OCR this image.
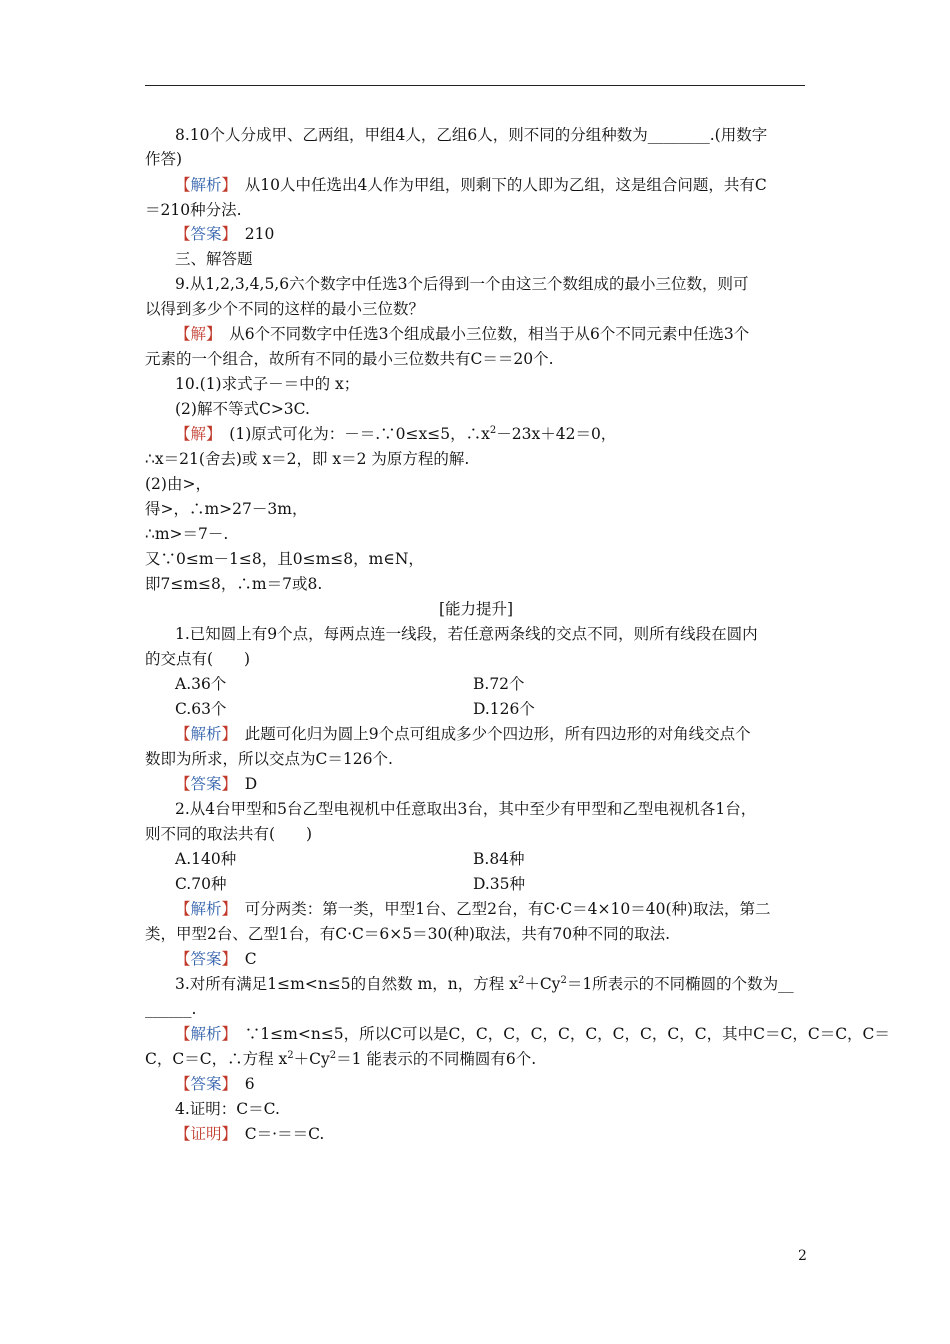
8.10个人分成甲、乙两组，甲组4人，乙组6人，则不同的分组种数为________.(用数字
作答)
【解析】　从10人中任选出4人作为甲组，则剩下的人即为乙组，这是组合问题，共有C
＝210种分法.
【答案】　210
三、解答题
9.从1,2,3,4,5,6六个数字中任选3个后得到一个由这三个数组成的最小三位数，则可
以得到多少个不同的这样的最小三位数？
【解】　从6个不同数字中任选3个组成最小三位数，相当于从6个不同元素中任选3个
元素的一个组合，故所有不同的最小三位数共有C＝＝20个.
10.(1)求式子－＝中的 x；
(2)解不等式C>3C.
【解】　(1)原式可化为：－＝.∵0≤x≤5，$\therefore x^2-23x+42=0$，
∴x＝21(舍去)或 x＝2，即 x＝2 为原方程的解.
(2)由>，
得>，∴m>27－3m，
∴m>＝7－.
又∵0≤m－1≤8，且0≤m≤8，m∈N，
即7≤m≤8，∴m＝7或8.
[能力提升]
1.已知圆上有9个点，每两点连一线段，若任意两条线的交点不同，则所有线段在圆内
的交点有(　　)
A.36个	B.72个
C.63个	D.126个
【解析】　此题可化归为圆上9个点可组成多少个四边形，所有四边形的对角线交点个
数即为所求，所以交点为C＝126个.
【答案】　D
2.从4台甲型和5台乙型电视机中任意取出3台，其中至少有甲型和乙型电视机各1台，
则不同的取法共有(　　)
A.140种	B.84种
C.70种	D.35种
【解析】　可分两类：第一类，甲型1台、乙型2台，有C·C＝4×10＝40(种)取法，第二
类，甲型2台、乙型1台，有C·C＝6×5＝30(种)取法，共有70种不同的取法.
【答案】　C
3.对所有满足1≤m<n≤5的自然数 m，n，方程 $x^2+Cy^2=1$所表示的不同椭圆的个数为__
______.
【解析】　∵1≤m<n≤5，所以C可以是C，C，C，C，C，C，C，C，C，C，其中C＝C，C＝C，C＝
C，C＝C，∴方程 $x^2+Cy^2=1$ 能表示的不同椭圆有6个.
【答案】　6
4.证明：C＝C.
【证明】　C＝·＝＝C.
2
